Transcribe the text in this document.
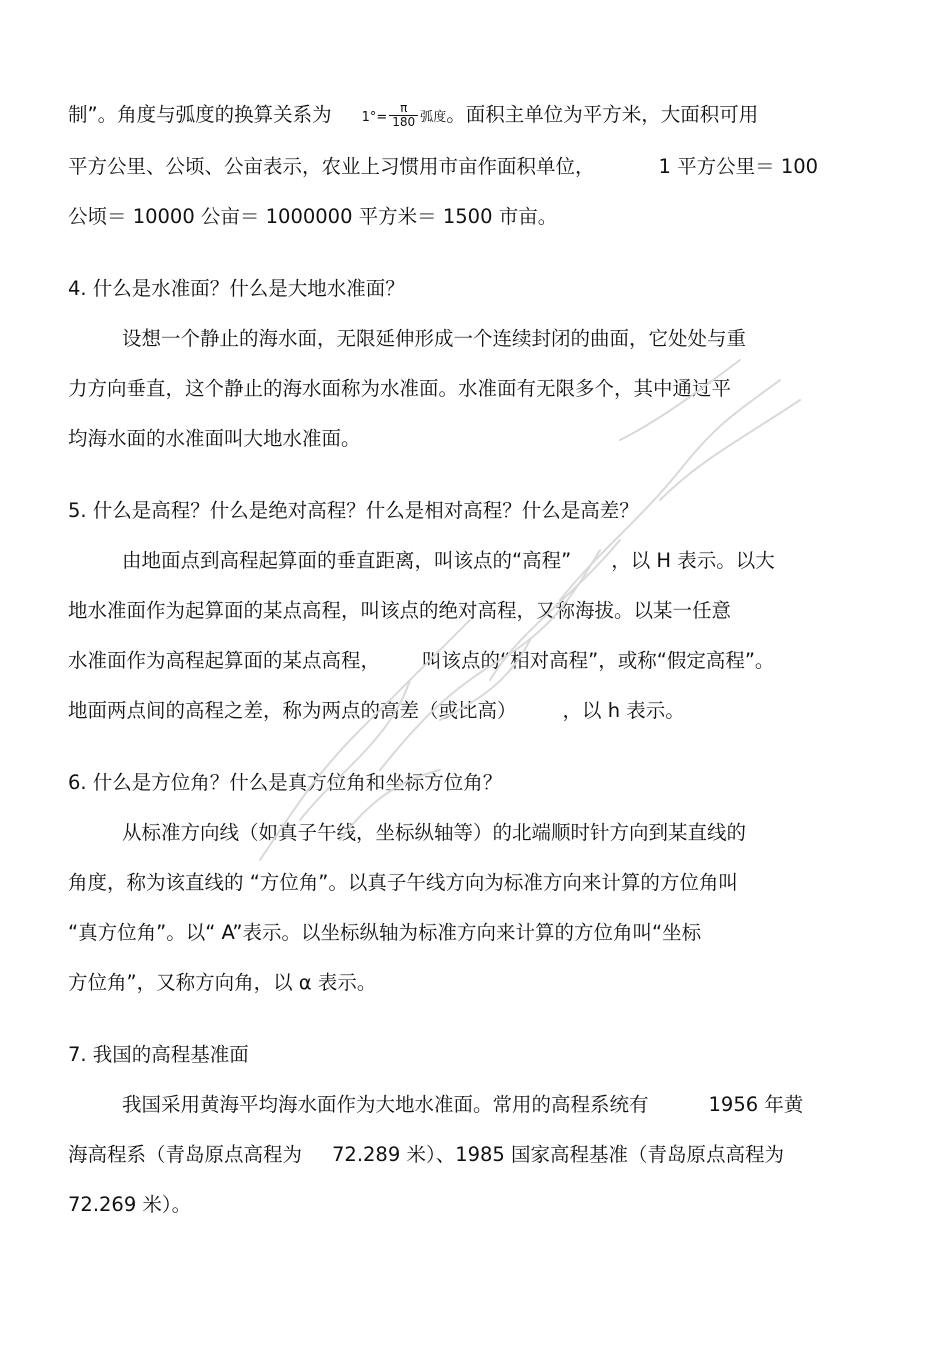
制”。角度与弧度的换算关系为 $1^\circ= \frac{\pi}{180}$ 弧度。面积主单位为平方米，大面积可用
平方公里、公顷、公亩表示，农业上习惯用市亩作面积单位，	1 平方公里＝ 100
公顷＝ 10000 公亩＝ 1000000 平方米＝ 1500 市亩。
4. 什么是水准面？什么是大地水准面？
设想一个静止的海水面，无限延伸形成一个连续封闭的曲面，它处处与重
力方向垂直，这个静止的海水面称为水准面。水准面有无限多个，其中通过平
均海水面的水准面叫大地水准面。
5. 什么是高程？什么是绝对高程？什么是相对高程？什么是高差？
由地面点到高程起算面的垂直距离，叫该点的“高程” ，以 H 表示。以大
地水准面作为起算面的某点高程，叫该点的绝对高程，又称海拔。以某一任意
水准面作为高程起算面的某点高程， 叫该点的“相对高程”，或称“假定高程”。
地面两点间的高程之差，称为两点的高差（或比高） ，以 h 表示。
6. 什么是方位角？什么是真方位角和坐标方位角？
从标准方向线（如真子午线，坐标纵轴等）的北端顺时针方向到某直线的
角度，称为该直线的 “方位角”。以真子午线方向为标准方向来计算的方位角叫
“真方位角”。以“ A”表示。以坐标纵轴为标准方向来计算的方位角叫“坐标
方位角”，又称方向角，以 α 表示。
7. 我国的高程基准面
我国采用黄海平均海水面作为大地水准面。常用的高程系统有	1956 年黄
海高程系（青岛原点高程为 72.289 米）、1985 国家高程基准（青岛原点高程为
72.269 米）。
